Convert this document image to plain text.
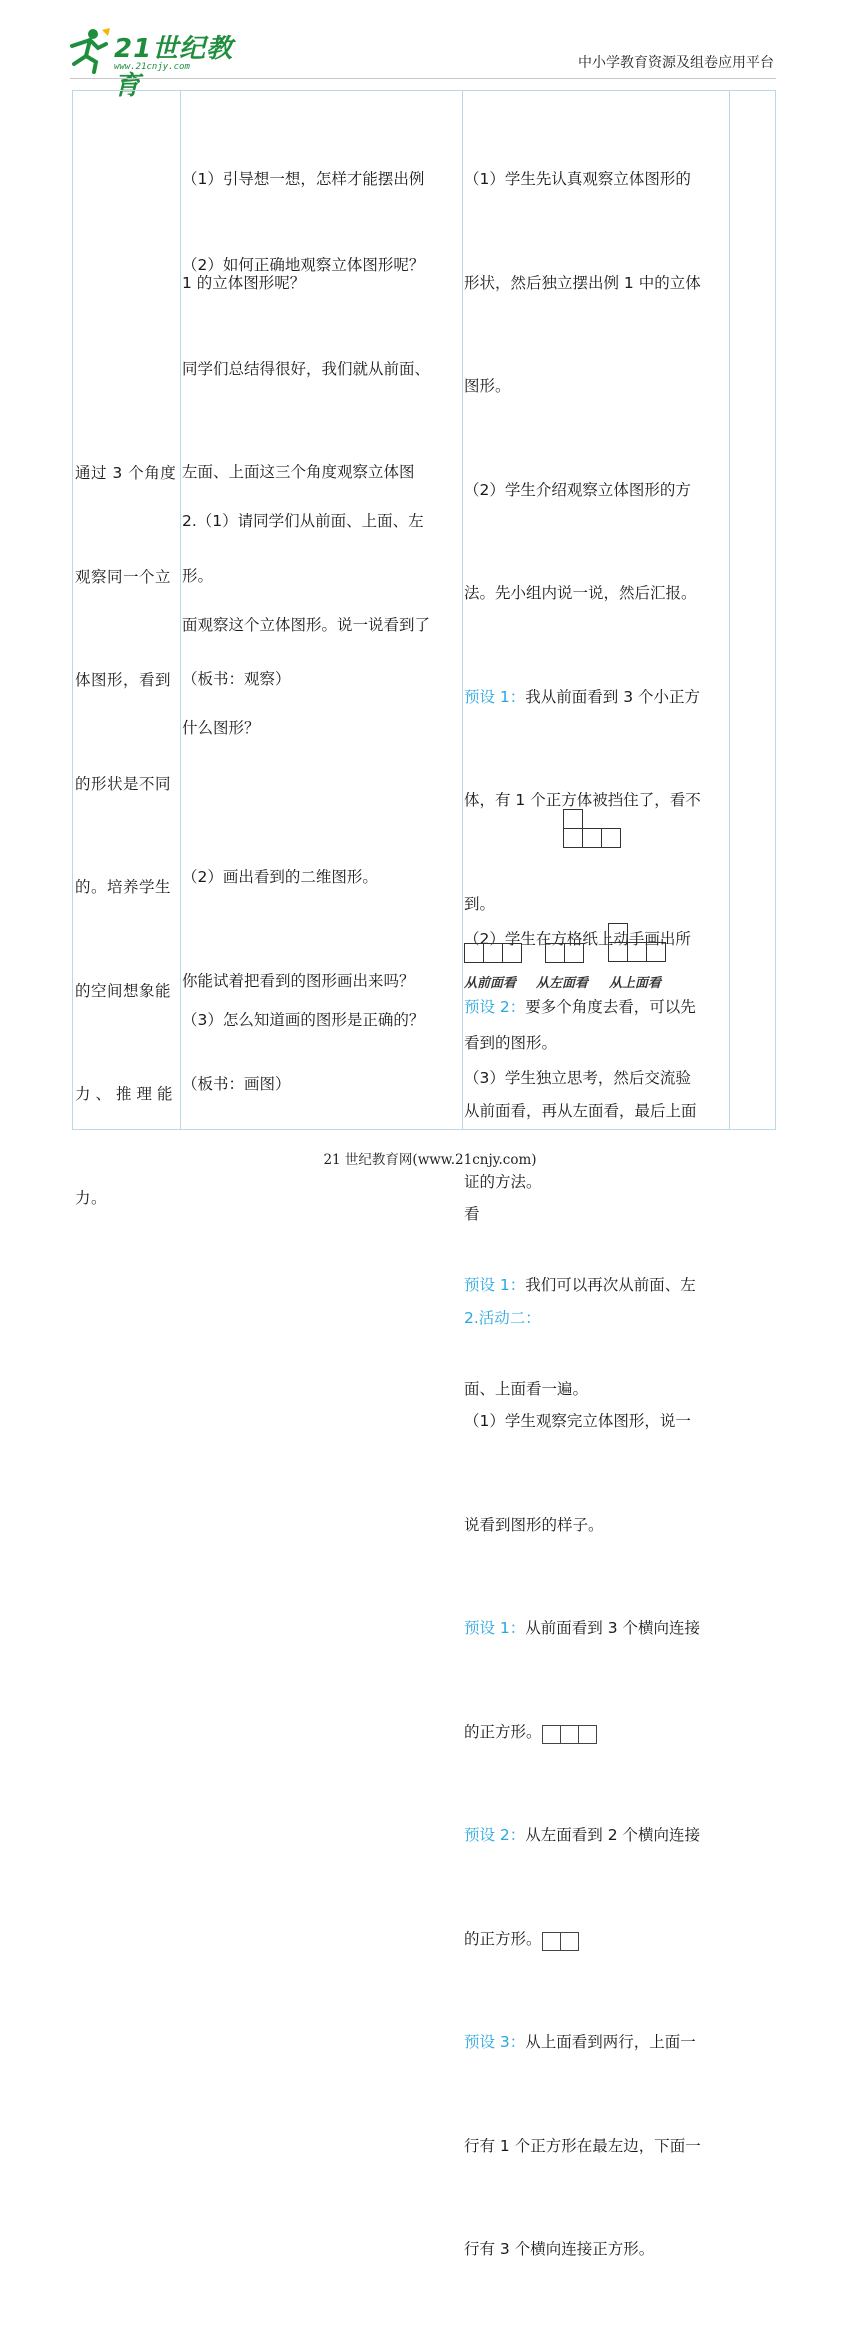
21世纪教育
www.21cnjy.com	中小学教育资源及组卷应用平台

通过 3 个角度

观察同一个立

体图形，看到

的形状是不同

的。培养学生

的空间想象能

力、推理能

力。

（1）引导想一想，怎样才能摆出例

1 的立体图形呢？

（2）如何正确地观察立体图形呢？

同学们总结得很好，我们就从前面、

左面、上面这三个角度观察立体图

形。

（板书：观察）

2.（1）请同学们从前面、上面、左

面观察这个立体图形。说一说看到了

什么图形？

（2）画出看到的二维图形。

你能试着把看到的图形画出来吗？

（板书：画图）

（3）怎么知道画的图形是正确的？

（1）学生先认真观察立体图形的

形状，然后独立摆出例 1 中的立体

图形。

（2）学生介绍观察立体图形的方

法。先小组内说一说，然后汇报。

预设 1：我从前面看到 3 个小正方

体，有 1 个正方体被挡住了，看不

到。

预设 2：要多个角度去看，可以先

从前面看，再从左面看，最后上面

看

2.活动二：

（1）学生观察完立体图形，说一

说看到图形的样子。

预设 1：从前面看到 3 个横向连接

的正方形。

预设 2：从左面看到 2 个横向连接

的正方形。

预设 3：从上面看到两行，上面一

行有 1 个正方形在最左边，下面一

行有 3 个横向连接正方形。

（2）学生在方格纸上动手画出所

看到的图形。

从前面看 从左面看 从上面看

（3）学生独立思考，然后交流验

证的方法。

预设 1：我们可以再次从前面、左

面、上面看一遍。

21 世纪教育网(www.21cnjy.com)
